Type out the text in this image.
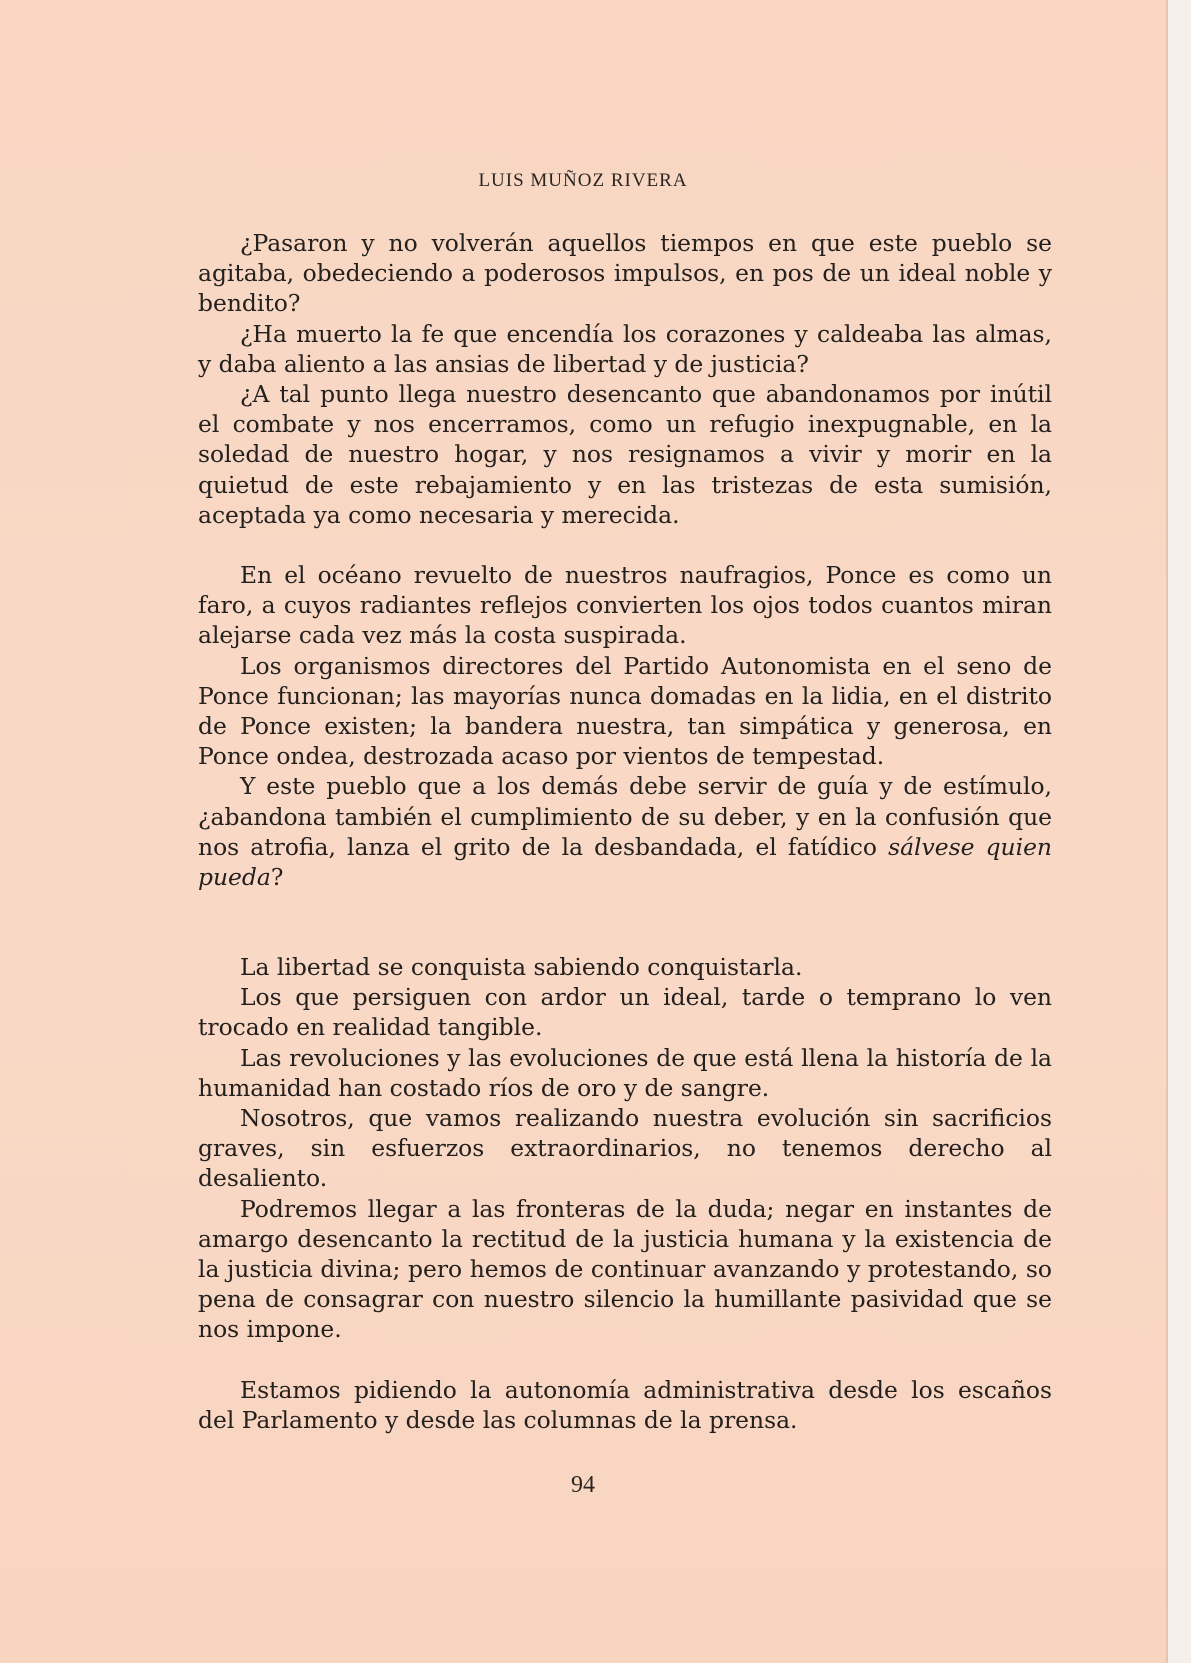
LUIS MUÑOZ RIVERA

¿Pasaron y no volverán aquellos tiempos en que este pueblo se agitaba, obedeciendo a poderosos impulsos, en pos de un ideal noble y bendito?

¿Ha muerto la fe que encendía los corazones y caldeaba las almas, y daba aliento a las ansias de libertad y de justicia?

¿A tal punto llega nuestro desencanto que abandonamos por inútil el combate y nos encerramos, como un refugio inexpugnable, en la soledad de nuestro hogar, y nos resignamos a vivir y morir en la quietud de este rebajamiento y en las tristezas de esta sumisión, aceptada ya como necesaria y merecida.

En el océano revuelto de nuestros naufragios, Ponce es como un faro, a cuyos radiantes reflejos convierten los ojos todos cuantos miran alejarse cada vez más la costa suspirada.

Los organismos directores del Partido Autonomista en el seno de Ponce funcionan; las mayorías nunca domadas en la lidia, en el distrito de Ponce existen; la bandera nuestra, tan simpática y generosa, en Ponce ondea, destrozada acaso por vientos de tempestad.

Y este pueblo que a los demás debe servir de guía y de estímulo, ¿abandona también el cumplimiento de su deber, y en la confusión que nos atrofia, lanza el grito de la desbandada, el fatídico sálvese quien pueda?

La libertad se conquista sabiendo conquistarla.

Los que persiguen con ardor un ideal, tarde o temprano lo ven trocado en realidad tangible.

Las revoluciones y las evoluciones de que está llena la historía de la humanidad han costado ríos de oro y de sangre.

Nosotros, que vamos realizando nuestra evolución sin sacrificios graves, sin esfuerzos extraordinarios, no tenemos derecho al desaliento.

Podremos llegar a las fronteras de la duda; negar en instantes de amargo desencanto la rectitud de la justicia humana y la existencia de la justicia divina; pero hemos de continuar avanzando y protestando, so pena de consagrar con nuestro silencio la humillante pasividad que se nos impone.

Estamos pidiendo la autonomía administrativa desde los escaños del Parlamento y desde las columnas de la prensa.

94
